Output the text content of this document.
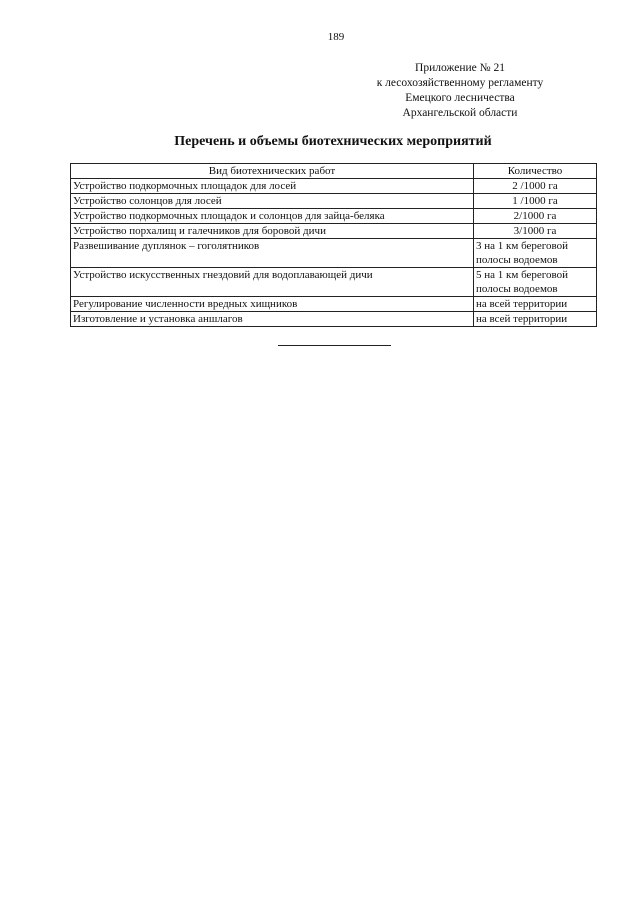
189
Приложение № 21
к лесохозяйственному регламенту
Емецкого лесничества
Архангельской области
Перечень и объемы биотехнических мероприятий
Вид биотехнических работ	Количество
Устройство подкормочных площадок для лосей	2 /1000 га
Устройство солонцов для лосей	1 /1000 га
Устройство подкормочных площадок и солонцов для зайца-беляка	2/1000 га
Устройство порхалищ и галечников для боровой дичи	3/1000 га
Развешивание дуплянок – гоголятников	3 на 1 км береговой полосы водоемов
Устройство искусственных гнездовий для водоплавающей дичи	5 на 1 км береговой полосы водоемов
Регулирование численности вредных хищников	на всей территории
Изготовление и установка аншлагов	на всей территории
